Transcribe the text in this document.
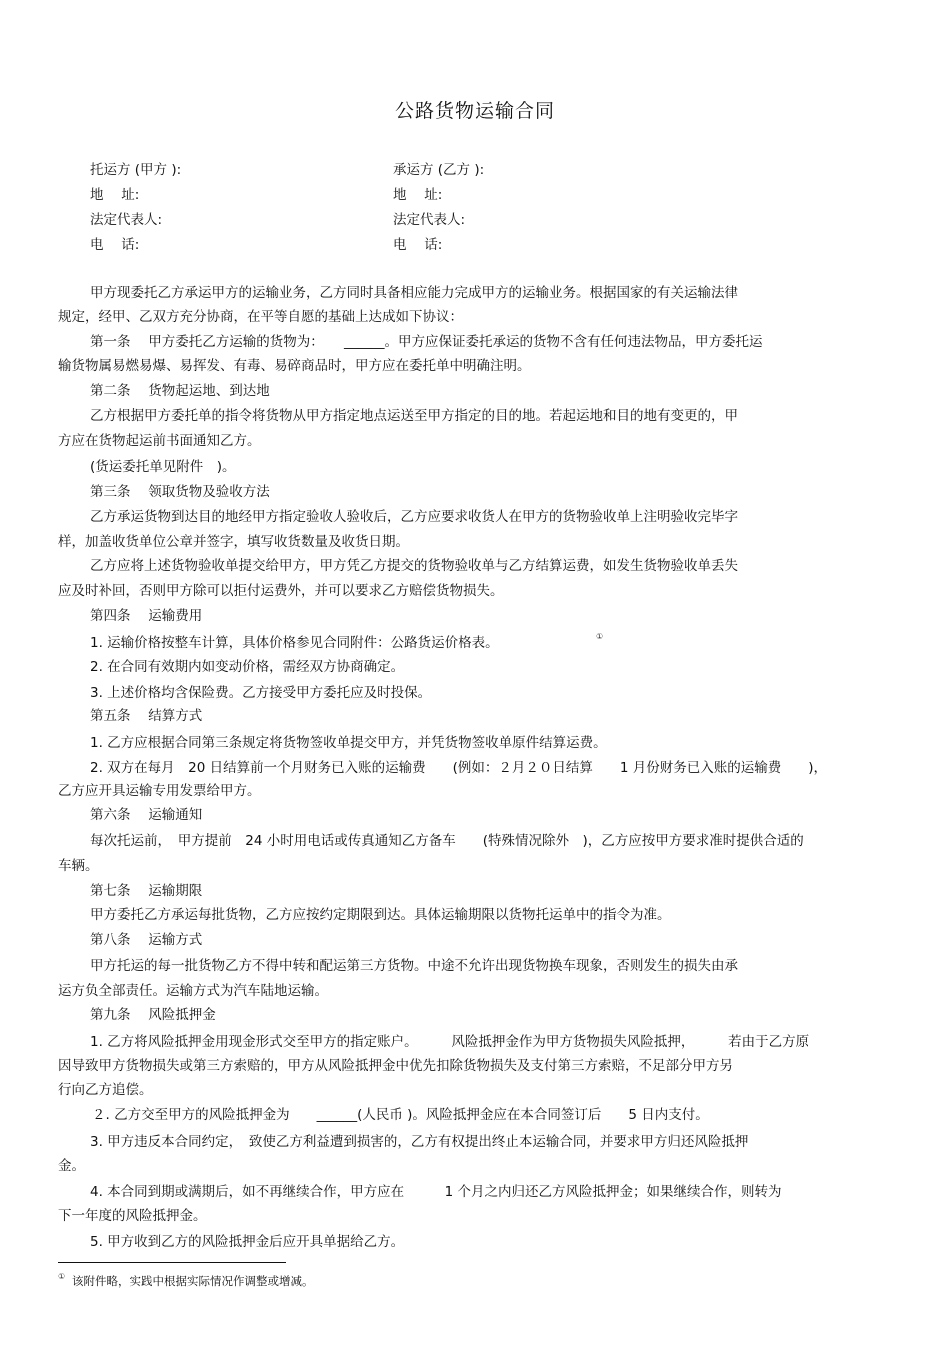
公路货物运输合同
托运方 (甲方 ):
地　 址:
法定代表人:
电　 话:
承运方 (乙方 ):
地　 址:
法定代表人:
电　 话:
甲方现委托乙方承运甲方的运输业务，乙方同时具备相应能力完成甲方的运输业务。根据国家的有关运输法律
规定，经甲、乙双方充分协商，在平等自愿的基础上达成如下协议：
第一条　 甲方委托乙方运输的货物为：　　______。甲方应保证委托承运的货物不含有任何违法物品，甲方委托运
输货物属易燃易爆、易挥发、有毒、易碎商品时，甲方应在委托单中明确注明。
第二条　 货物起运地、到达地
乙方根据甲方委托单的指令将货物从甲方指定地点运送至甲方指定的目的地。若起运地和目的地有变更的，甲
方应在货物起运前书面通知乙方。
(货运委托单见附件　)。
第三条　 领取货物及验收方法
乙方承运货物到达目的地经甲方指定验收人验收后，乙方应要求收货人在甲方的货物验收单上注明验收完毕字
样，加盖收货单位公章并签字，填写收货数量及收货日期。
乙方应将上述货物验收单提交给甲方，甲方凭乙方提交的货物验收单与乙方结算运费，如发生货物验收单丢失
应及时补回，否则甲方除可以拒付运费外，并可以要求乙方赔偿货物损失。
第四条　 运输费用
1. 运输价格按整车计算，具体价格参见合同附件：公路货运价格表。	①
2. 在合同有效期内如变动价格，需经双方协商确定。
3. 上述价格均含保险费。乙方接受甲方委托应及时投保。
第五条　 结算方式
1. 乙方应根据合同第三条规定将货物签收单提交甲方，并凭货物签收单原件结算运费。
2. 双方在每月　20 日结算前一个月财务已入账的运输费　　(例如：２月２０日结算　　1 月份财务已入账的运输费　　)，
乙方应开具运输专用发票给甲方。
第六条　 运输通知
每次托运前，　甲方提前　24 小时用电话或传真通知乙方备车　　(特殊情况除外　)，乙方应按甲方要求准时提供合适的
车辆。
第七条　 运输期限
甲方委托乙方承运每批货物，乙方应按约定期限到达。具体运输期限以货物托运单中的指令为准。
第八条　 运输方式
甲方托运的每一批货物乙方不得中转和配运第三方货物。中途不允许出现货物换车现象，否则发生的损失由承
运方负全部责任。运输方式为汽车陆地运输。
第九条　 风险抵押金
1. 乙方将风险抵押金用现金形式交至甲方的指定账户。　　　风险抵押金作为甲方货物损失风险抵押，　　　若由于乙方原
因导致甲方货物损失或第三方索赔的，甲方从风险抵押金中优先扣除货物损失及支付第三方索赔，不足部分甲方另
行向乙方追偿。
２. 乙方交至甲方的风险抵押金为　　______(人民币 )。风险抵押金应在本合同签订后　　5 日内支付。
3. 甲方违反本合同约定，　致使乙方利益遭到损害的，乙方有权提出终止本运输合同，并要求甲方归还风险抵押
金。
4. 本合同到期或满期后，如不再继续合作，甲方应在　　　1 个月之内归还乙方风险抵押金；如果继续合作，则转为
下一年度的风险抵押金。
5. 甲方收到乙方的风险抵押金后应开具单据给乙方。
① 该附件略，实践中根据实际情况作调整或增减。
